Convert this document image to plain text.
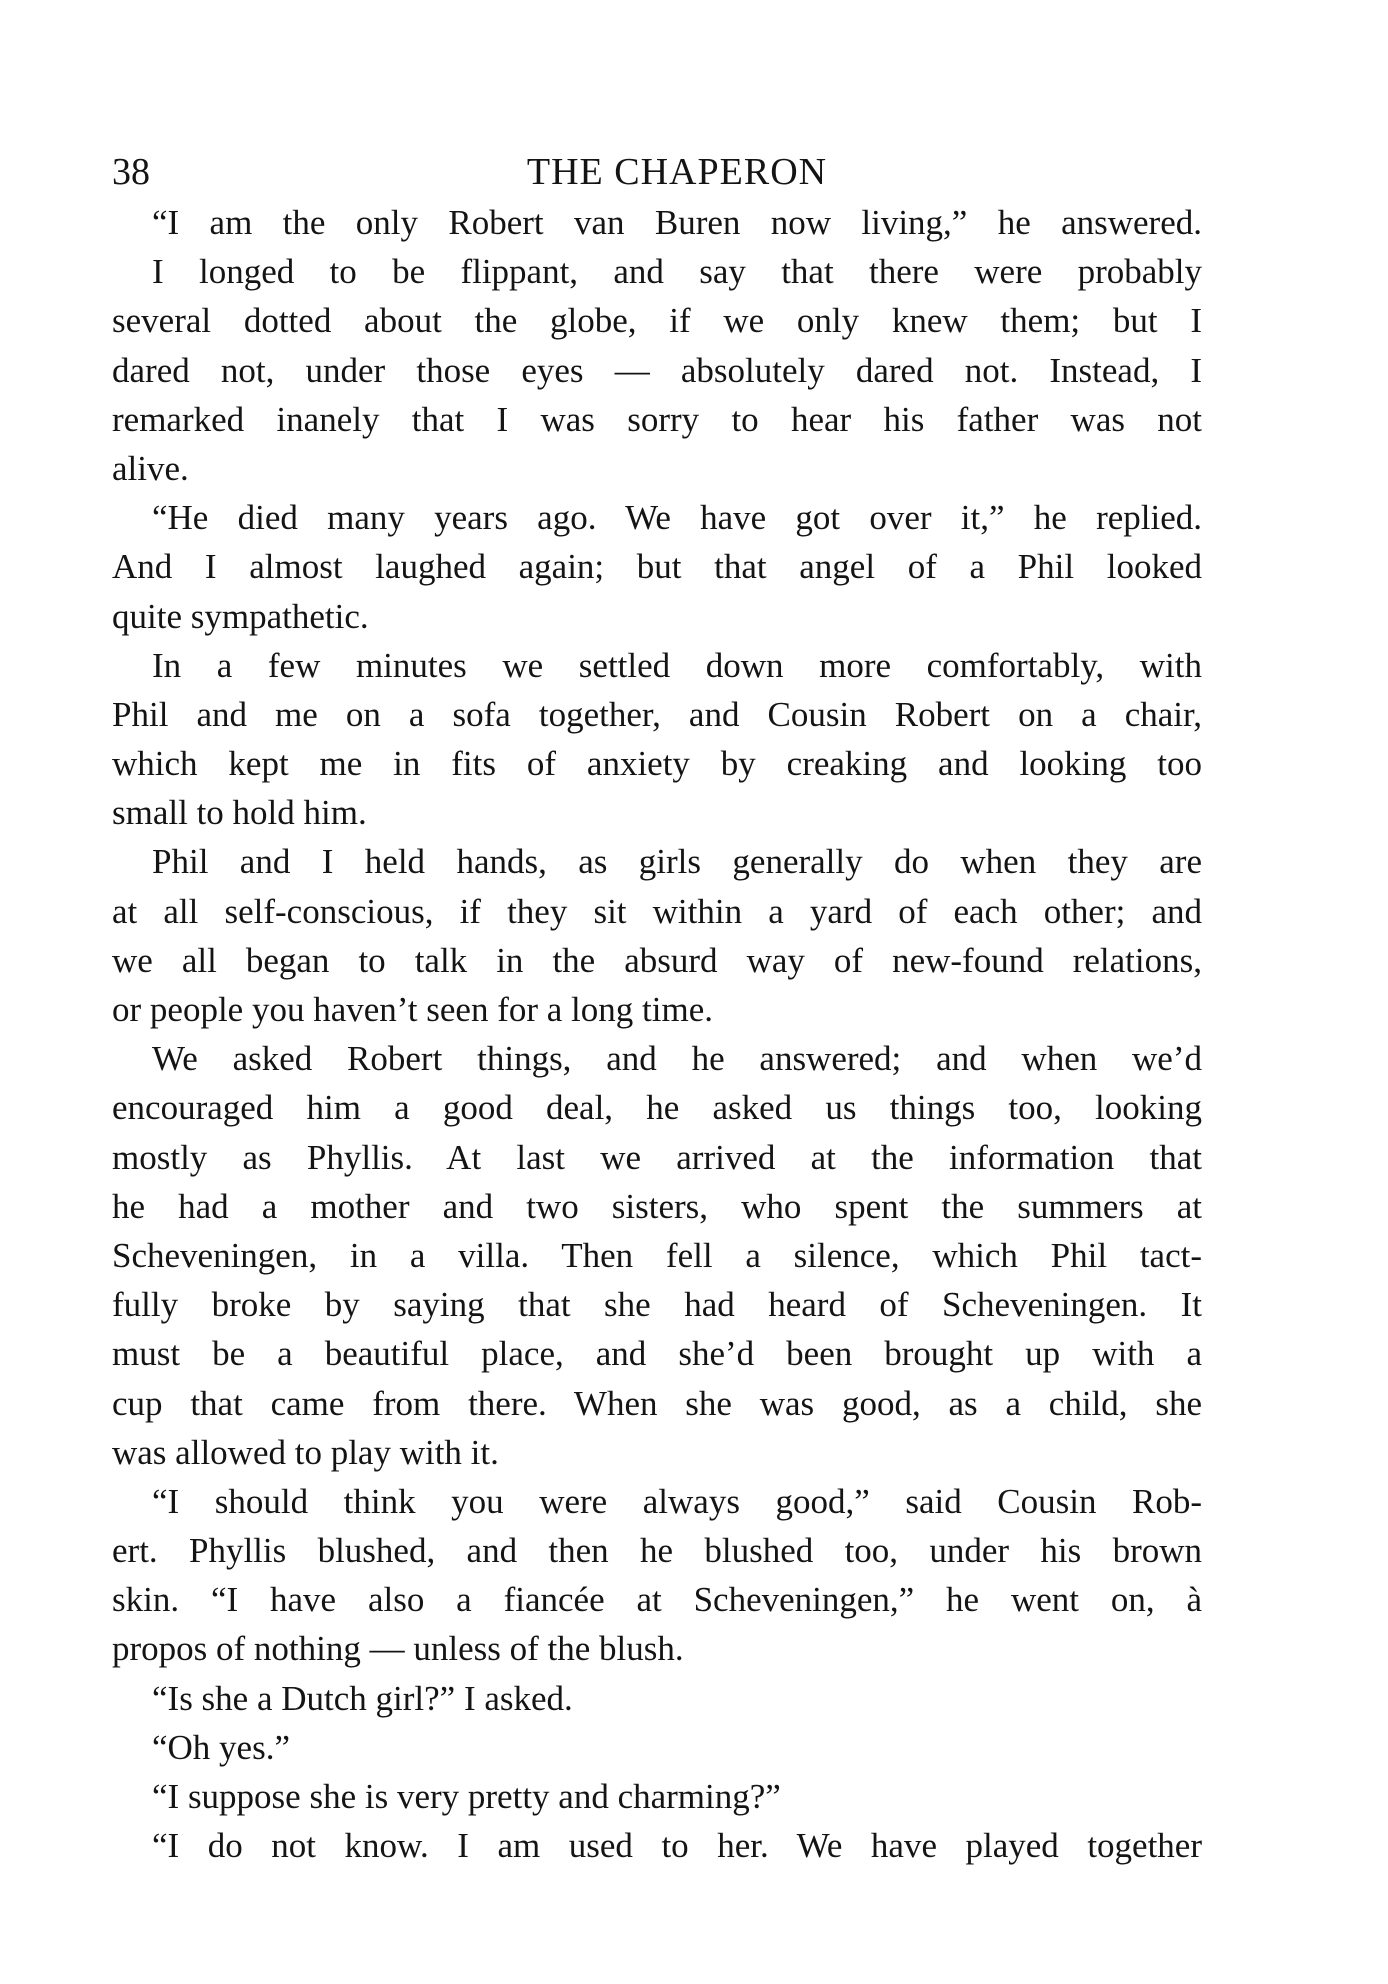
38	THE CHAPERON
“I am the only Robert van Buren now living,” he answered.
I longed to be flippant, and say that there were probably
several dotted about the globe, if we only knew them; but I
dared not, under those eyes — absolutely dared not. Instead, I
remarked inanely that I was sorry to hear his father was not
alive.
“He died many years ago. We have got over it,” he replied.
And I almost laughed again; but that angel of a Phil looked
quite sympathetic.
In a few minutes we settled down more comfortably, with
Phil and me on a sofa together, and Cousin Robert on a chair,
which kept me in fits of anxiety by creaking and looking too
small to hold him.
Phil and I held hands, as girls generally do when they are
at all self-conscious, if they sit within a yard of each other; and
we all began to talk in the absurd way of new-found relations,
or people you haven’t seen for a long time.
We asked Robert things, and he answered; and when we’d
encouraged him a good deal, he asked us things too, looking
mostly as Phyllis. At last we arrived at the information that
he had a mother and two sisters, who spent the summers at
Scheveningen, in a villa. Then fell a silence, which Phil tact-
fully broke by saying that she had heard of Scheveningen. It
must be a beautiful place, and she’d been brought up with a
cup that came from there. When she was good, as a child, she
was allowed to play with it.
“I should think you were always good,” said Cousin Rob-
ert. Phyllis blushed, and then he blushed too, under his brown
skin. “I have also a fiancée at Scheveningen,” he went on, à
propos of nothing — unless of the blush.
“Is she a Dutch girl?” I asked.
“Oh yes.”
“I suppose she is very pretty and charming?”
“I do not know. I am used to her. We have played together
